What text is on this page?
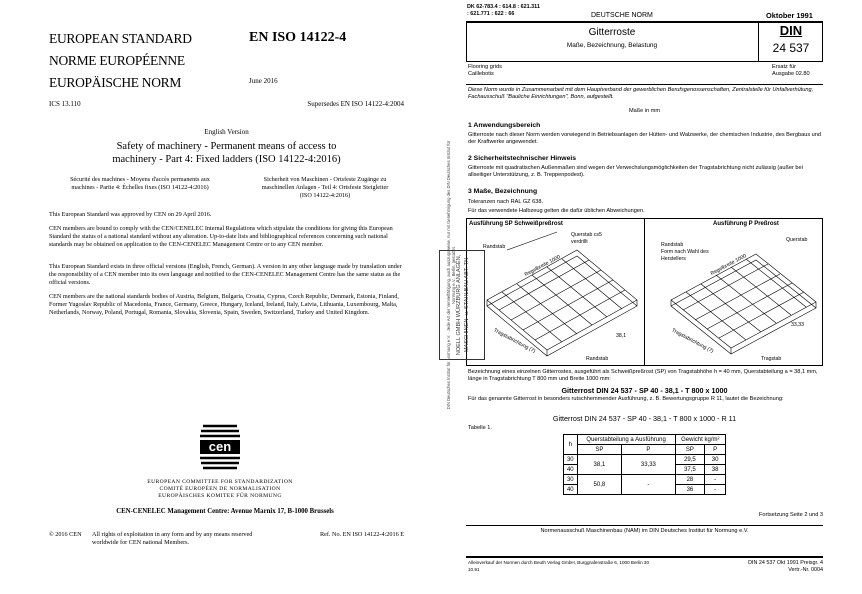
EUROPEAN STANDARD
NORME EUROPÉENNE
EUROPÄISCHE NORM
EN ISO 14122-4
June 2016
ICS 13.110	Supersedes EN ISO 14122-4:2004
English Version
Safety of machinery - Permanent means of access to
machinery - Part 4: Fixed ladders (ISO 14122-4:2016)
Sécurité des machines - Moyens d'accès permanents aux machines - Partie 4: Échelles fixes (ISO 14122-4:2016)
Sicherheit von Maschinen - Ortsfeste Zugänge zu maschinellen Anlagen - Teil 4: Ortsfeste Steigleiter (ISO 14122-4:2016)
This European Standard was approved by CEN on 29 April 2016.
CEN members are bound to comply with the CEN/CENELEC Internal Regulations which stipulate the conditions for giving this European Standard the status of a national standard without any alteration. Up-to-date lists and bibliographical references concerning such national standards may be obtained on application to the CEN-CENELEC Management Centre or to any CEN member.
This European Standard exists in three official versions (English, French, German). A version in any other language made by translation under the responsibility of a CEN member into its own language and notified to the CEN-CENELEC Management Centre has the same status as the official versions.
CEN members are the national standards bodies of Austria, Belgium, Bulgaria, Croatia, Cyprus, Czech Republic, Denmark, Estonia, Finland, Former Yugoslav Republic of Macedonia, France, Germany, Greece, Hungary, Iceland, Ireland, Italy, Latvia, Lithuania, Luxembourg, Malta, Netherlands, Norway, Poland, Portugal, Romania, Slovakia, Slovenia, Spain, Sweden, Switzerland, Turkey and United Kingdom.
cen
EUROPEAN COMMITTEE FOR STANDARDIZATION
COMITÉ EUROPÉEN DE NORMALISATION
EUROPÄISCHES KOMITEE FÜR NORMUNG
CEN-CENELEC Management Centre: Avenue Marnix 17, B-1000 Brussels
© 2016 CEN All rights of exploitation in any form and by any means reserved worldwide for CEN national Members.
Ref. No. EN ISO 14122-4:2016 E
DK 62-783.4 : 614.8 : 621.311
: 621.771 : 622 : 66	DEUTSCHE NORM	Oktober 1991
Gitterroste
Maße, Bezeichnung, Belastung
DIN
24 537
Flooring grids
Caillebotis
Ersatz für
Ausgabe 02.80
Diese Norm wurde in Zusammenarbeit mit dem Hauptverband der gewerblichen Berufsgenossenschaften, Zentralstelle für Unfallverhütung, Fachausschuß "Bauliche Einrichtungen", Bonn, aufgestellt.
Maße in mm
1 Anwendungsbereich
Gitterroste nach dieser Norm werden vorwiegend in Betriebsanlagen der Hütten- und Walzwerke, der chemischen Industrie, des Bergbaus und der Kraftwerke angewendet.
2 Sicherheitstechnischer Hinweis
Gitterroste mit quadratischen Außenmaßen sind wegen der Verwechslungsmöglichkeiten der Tragstabrichtung nicht zulässig (außer bei allseitiger Unterstützung, z. B. Treppenpodest).
3 Maße, Bezeichnung
Toleranzen nach RAL GZ 638.
Für das verwendete Halbzeug gelten die dafür üblichen Abweichungen.
Ausführung SP Schweißpreßrost	Ausführung P Preßrost
Randstab
Querstab cs5 verdrillt
Regelbreite 1000
Tragstabrichtung (7)
Randstab
38,1
Randstab
Form nach Wahl des Herstellers
Querstab
Regelbreite 1000
Tragstabrichtung (7)
Tragstab
33,33
NOELL GMBH WÜRZBURG ANLAGEN, MASCHINEN- u. STAHLBAU ABT. TN
DIN Deutsches Institut für Normung e.V. · Jede Art der Vervielfältigung, auch auszugsweise, nur mit Genehmigung des DIN Deutsches Institut für Normung e.V., Berlin, gestattet.
Bezeichnung eines einzelnen Gitterrostes, ausgeführt als Schweißpreßrost (SP) von Tragstabhöhe h = 40 mm, Querstabteilung a = 38,1 mm, länge in Tragstabrichtung T 800 mm und Breite 1000 mm:
Gitterrost DIN 24 537 - SP 40 - 38,1 - T 800 x 1000
Für das genannte Gitterrost in besonders rutschhemmender Ausführung, z. B. Bewertungsgruppe R 11, lautet die Bezeichnung:
Gitterrost DIN 24 537 - SP 40 - 38,1 - T 800 x 1000 - R 11
Tabelle 1.
h	Querstabteilung a Ausführung		Gewicht kg/m²	
	SP	P	SP	P
30	38,1	33,33	29,5	30
40			37,5	38
30	50,8	-	28	-
40			36	-
Fortsetzung Seite 2 und 3
Normenausschuß Maschinenbau (NAM) im DIN Deutsches Institut für Normung e.V.
Alleinverkauf der Normen durch Beuth Verlag GmbH, Burggrafenstraße 6, 1000 Berlin 30
10.91
DIN 24 537 Okt 1991 Preisgr. 4
Vertr.-Nr. 0004
